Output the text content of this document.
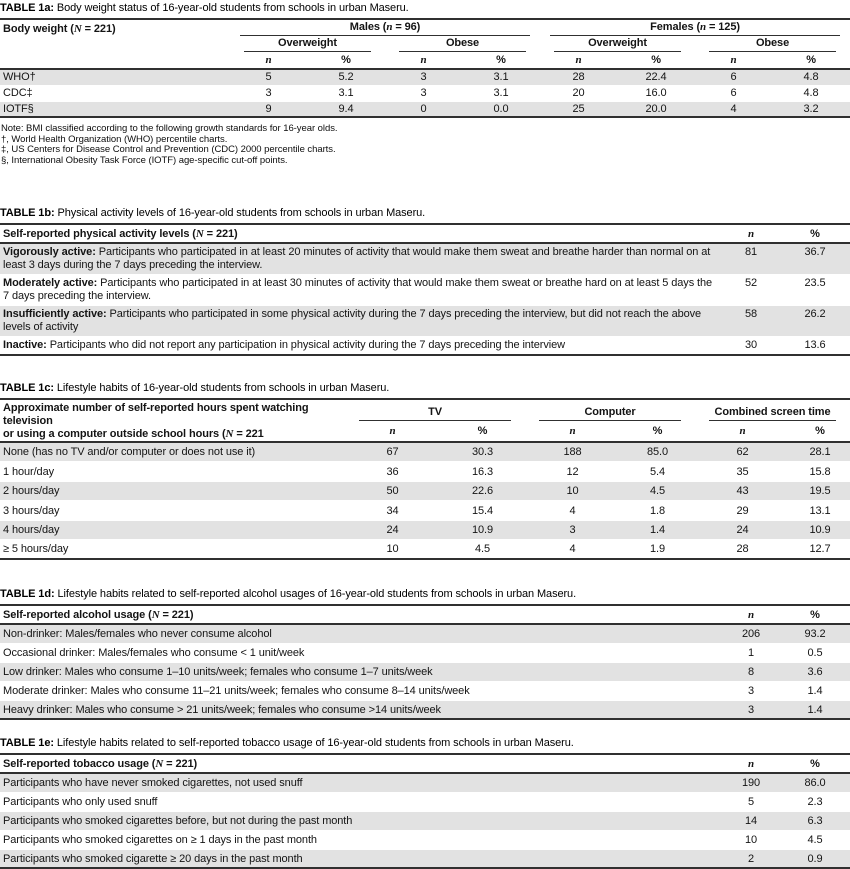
TABLE 1a: Body weight status of 16-year-old students from schools in urban Maseru.

Body weight (N = 221)	Males (n = 96)				Females (n = 125)			

	Overweight		Obese		Overweight		Obese	

	n	%	n	%	n	%	n	%
WHO†	5	5.2	3	3.1	28	22.4	6	4.8
CDC‡	3	3.1	3	3.1	20	16.0	6	4.8
IOTF§	9	9.4	0	0.0	25	20.0	4	3.2
Note: BMI classified according to the following growth standards for 16-year olds.
†, World Health Organization (WHO) percentile charts.
‡, US Centers for Disease Control and Prevention (CDC) 2000 percentile charts.
§, International Obesity Task Force (IOTF) age-specific cut-off points.

TABLE 1b: Physical activity levels of 16-year-old students from schools in urban Maseru.

Self-reported physical activity levels (N = 221)	n	%
Vigorously active: Participants who participated in at least 20 minutes of activity that would make them sweat and breathe harder than normal on at least 3 days during the 7 days preceding the interview.	81	36.7
Moderately active: Participants who participated in at least 30 minutes of activity that would make them sweat or breathe hard on at least 5 days the 7 days preceding the interview.	52	23.5
Insufficiently active: Participants who participated in some physical activity during the 7 days preceding the interview, but did not reach the above levels of activity	58	26.2
Inactive: Participants who did not report any participation in physical activity during the 7 days preceding the interview	30	13.6

TABLE 1c: Lifestyle habits of 16-year-old students from schools in urban Maseru.

Approximate number of self-reported hours spent watching television
or using a computer outside school hours (N = 221	TV		Computer		Combined screen time	

	n	%	n	%	n	%
None (has no TV and/or computer or does not use it)	67	30.3	188	85.0	62	28.1
1 hour/day	36	16.3	12	5.4	35	15.8
2 hours/day	50	22.6	10	4.5	43	19.5
3 hours/day	34	15.4	4	1.8	29	13.1
4 hours/day	24	10.9	3	1.4	24	10.9
≥ 5 hours/day	10	4.5	4	1.9	28	12.7

TABLE 1d: Lifestyle habits related to self-reported alcohol usages of 16-year-old students from schools in urban Maseru.

Self-reported alcohol usage (N = 221)	n	%
Non-drinker: Males/females who never consume alcohol	206	93.2
Occasional drinker: Males/females who consume < 1 unit/week	1	0.5
Low drinker: Males who consume 1–10 units/week; females who consume 1–7 units/week	8	3.6
Moderate drinker: Males who consume 11–21 units/week; females who consume 8–14 units/week	3	1.4
Heavy drinker: Males who consume > 21 units/week; females who consume >14 units/week	3	1.4

TABLE 1e: Lifestyle habits related to self-reported tobacco usage of 16-year-old students from schools in urban Maseru.

Self-reported tobacco usage (N = 221)	n	%
Participants who have never smoked cigarettes, not used snuff	190	86.0
Participants who only used snuff	5	2.3
Participants who smoked cigarettes before, but not during the past month	14	6.3
Participants who smoked cigarettes on ≥ 1 days in the past month	10	4.5
Participants who smoked cigarette ≥ 20 days in the past month	2	0.9
